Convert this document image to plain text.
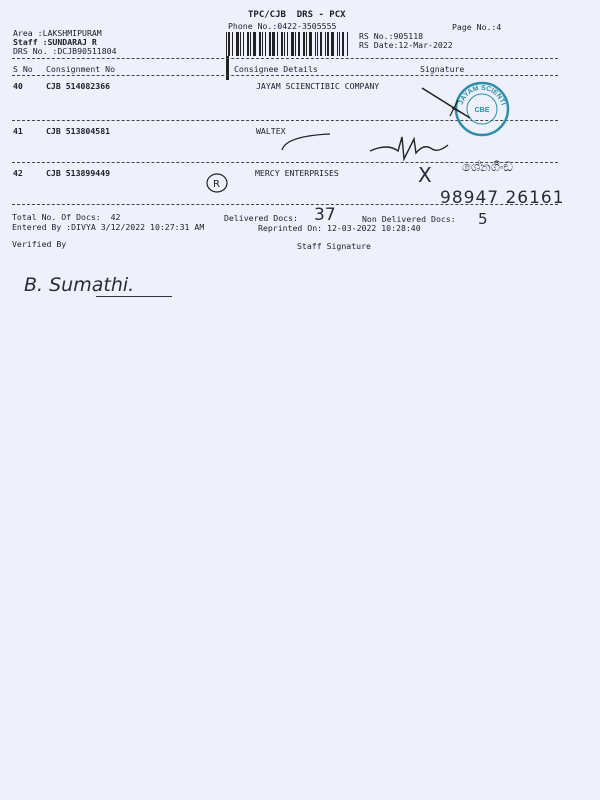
TPC/CJB  DRS - PCX
Phone No.:0422-3505555
Area :LAKSHMIPURAM
Staff :SUNDARAJ R
DRS No. :DCJB90511804
RS No.:905118
RS Date:12-Mar-2022
Page No.:4
S No Consignment No	Consignee Details	Signature
40	CJB 514082366	JAYAM SCIENCTIBIC COMPANY
41	CJB 513804581	WALTEX
42	CJB 513899449	MERCY ENTERPRISES
JAYAM SCIENTI
CBE
R	X ශේනගිංඞ
98947 26161
Total No. Of Docs:  42	Delivered Docs: 37	Non Delivered Docs: 5
Entered By :DIVYA 3/12/2022 10:27:31 AM	Reprinted On: 12-03-2022 10:28:40
Verified By	Staff Signature
B. Sumathi.
